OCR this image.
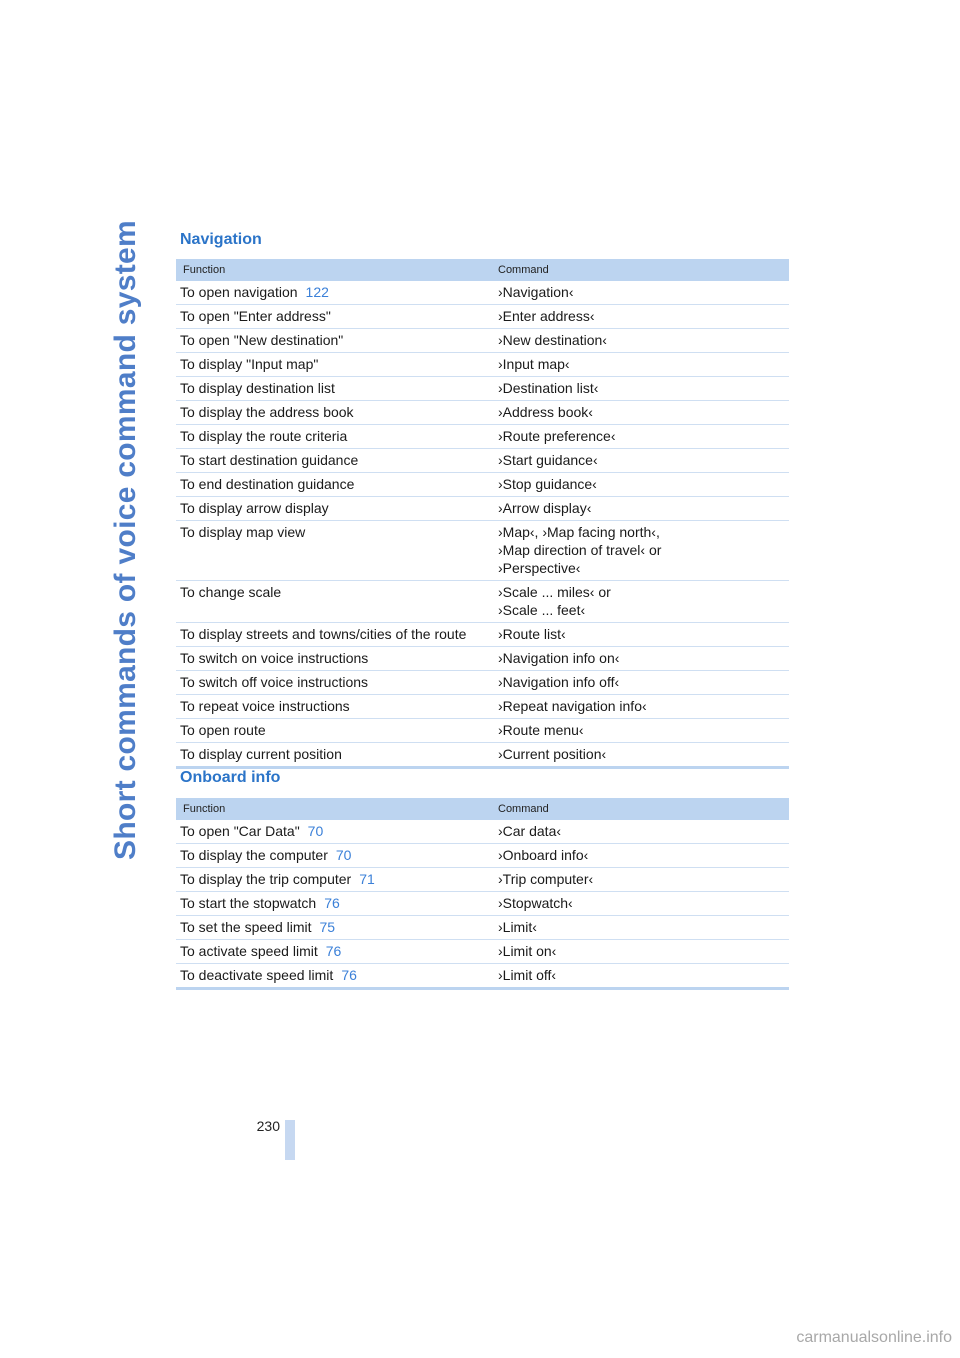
Short commands of voice command system Navigation
Function	Command
To open navigation 122	›Navigation‹
To open "Enter address"	›Enter address‹
To open "New destination"	›New destination‹
To display "Input map"	›Input map‹
To display destination list	›Destination list‹
To display the address book	›Address book‹
To display the route criteria	›Route preference‹
To start destination guidance	›Start guidance‹
To end destination guidance	›Stop guidance‹
To display arrow display	›Arrow display‹
To display map view	›Map‹, ›Map facing north‹,
›Map direction of travel‹ or
›Perspective‹
To change scale	›Scale ... miles‹ or
›Scale ... feet‹
To display streets and towns/cities of the route	›Route list‹
To switch on voice instructions	›Navigation info on‹
To switch off voice instructions	›Navigation info off‹
To repeat voice instructions	›Repeat navigation info‹
To open route	›Route menu‹
To display current position	›Current position‹
Onboard info
Function	Command
To open "Car Data" 70	›Car data‹
To display the computer 70	›Onboard info‹
To display the trip computer 71	›Trip computer‹
To start the stopwatch 76	›Stopwatch‹
To set the speed limit 75	›Limit‹
To activate speed limit 76	›Limit on‹
To deactivate speed limit 76	›Limit off‹
230
carmanualsonline.info
